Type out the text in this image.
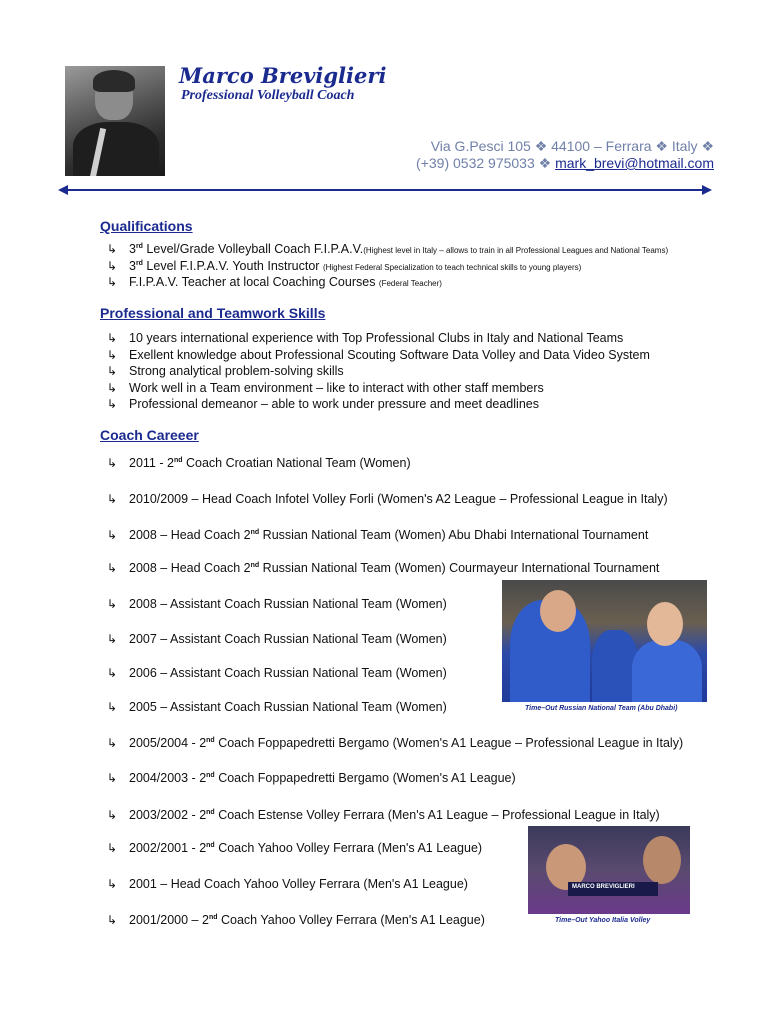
Marco Breviglieri
Professional Volleyball Coach
Via G.Pesci 105 ❖ 44100 – Ferrara ❖ Italy ❖
(+39) 0532 975033 ❖ mark_brevi@hotmail.com
Qualifications
↳ 3rd Level/Grade Volleyball Coach F.I.P.A.V.(Highest level in Italy – allows to train in all Professional Leagues and National Teams)
↳ 3rd Level F.I.P.A.V. Youth Instructor (Highest Federal Specialization to teach technical skills to young players)
↳ F.I.P.A.V. Teacher at local Coaching Courses (Federal Teacher)
Professional and Teamwork Skills
↳ 10 years international experience with Top Professional Clubs in Italy and National Teams
↳ Exellent knowledge about Professional Scouting Software Data Volley and Data Video System
↳ Strong analytical problem-solving skills
↳ Work well in a Team environment – like to interact with other staff members
↳ Professional demeanor – able to work under pressure and meet deadlines
Coach Careeer
↳ 2011 - 2nd Coach Croatian National Team (Women)
↳ 2010/2009 – Head Coach Infotel Volley Forli (Women's A2 League – Professional League in Italy)
↳ 2008 – Head Coach 2nd Russian National Team (Women) Abu Dhabi International Tournament
↳ 2008 – Head Coach 2nd Russian National Team (Women) Courmayeur International Tournament
↳ 2008 – Assistant Coach Russian National Team (Women)
↳ 2007 – Assistant Coach Russian National Team (Women)
↳ 2006 – Assistant Coach Russian National Team (Women)
↳ 2005 – Assistant Coach Russian National Team (Women)
↳ 2005/2004 - 2nd Coach Foppapedretti Bergamo (Women's A1 League – Professional League in Italy)
↳ 2004/2003 - 2nd Coach Foppapedretti Bergamo (Women's A1 League)
↳ 2003/2002 - 2nd Coach Estense Volley Ferrara (Men's A1 League – Professional League in Italy)
↳ 2002/2001 - 2nd Coach Yahoo Volley Ferrara (Men's A1 League)
↳ 2001 – Head Coach Yahoo Volley Ferrara (Men's A1 League)
↳ 2001/2000 – 2nd Coach Yahoo Volley Ferrara (Men's A1 League)
Time–Out Russian National Team (Abu Dhabi)
MARCO BREVIGLIERI
Time–Out Yahoo Italia Volley
